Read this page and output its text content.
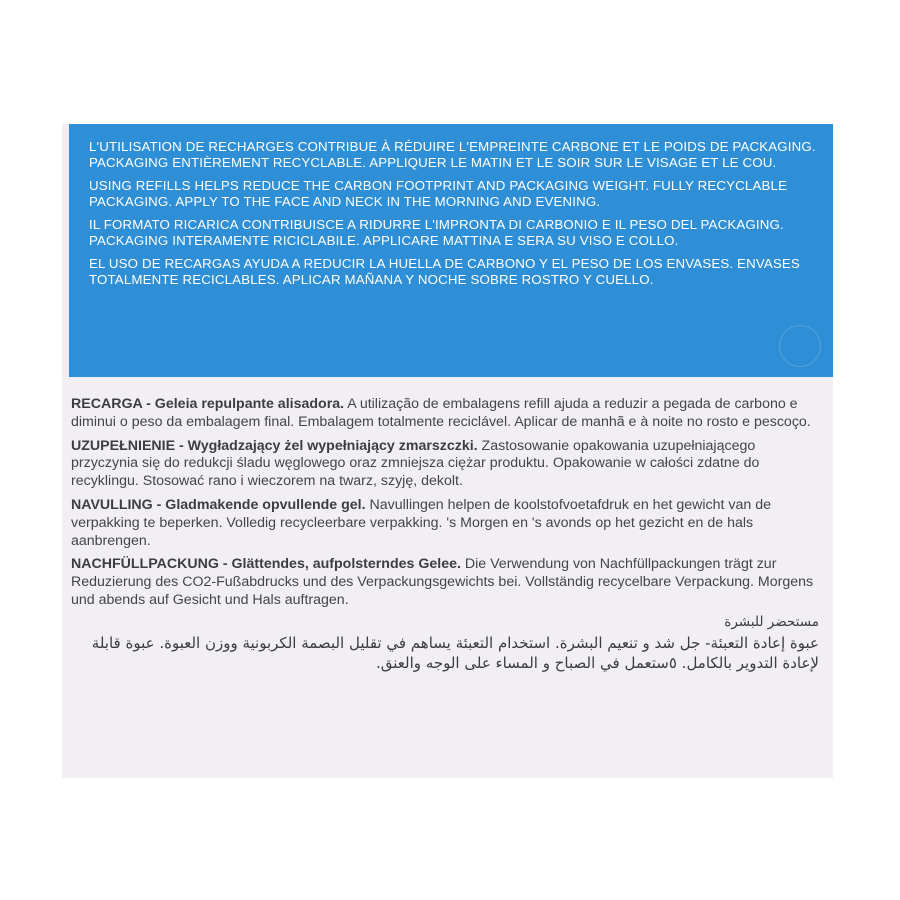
L'UTILISATION DE RECHARGES CONTRIBUE À RÉDUIRE L'EMPREINTE CARBONE ET LE POIDS DE PACKAGING. PACKAGING ENTIÈREMENT RECYCLABLE. APPLIQUER LE MATIN ET LE SOIR SUR LE VISAGE ET LE COU.

USING REFILLS HELPS REDUCE THE CARBON FOOTPRINT AND PACKAGING WEIGHT. FULLY RECYCLABLE PACKAGING. APPLY TO THE FACE AND NECK IN THE MORNING AND EVENING.

IL FORMATO RICARICA CONTRIBUISCE A RIDURRE L'IMPRONTA DI CARBONIO E IL PESO DEL PACKAGING. PACKAGING INTERAMENTE RICICLABILE. APPLICARE MATTINA E SERA SU VISO E COLLO.

EL USO DE RECARGAS AYUDA A REDUCIR LA HUELLA DE CARBONO Y EL PESO DE LOS ENVASES. ENVASES TOTALMENTE RECICLABLES. APLICAR MAÑANA Y NOCHE SOBRE ROSTRO Y CUELLO.

RECARGA - Geleia repulpante alisadora. A utilização de embalagens refill ajuda a reduzir a pegada de carbono e diminui o peso da embalagem final. Embalagem totalmente reciclável. Aplicar de manhã e à noite no rosto e pescoço.

UZUPEŁNIENIE - Wygładzający żel wypełniający zmarszczki. Zastosowanie opakowania uzupełniającego przyczynia się do redukcji śladu węglowego oraz zmniejsza ciężar produktu. Opakowanie w całości zdatne do recyklingu. Stosować rano i wieczorem na twarz, szyję, dekolt.

NAVULLING - Gladmakende opvullende gel. Navullingen helpen de koolstofvoetafdruk en het gewicht van de verpakking te beperken. Volledig recycleerbare verpakking. 's Morgen en 's avonds op het gezicht en de hals aanbrengen.

NACHFÜLLPACKUNG - Glättendes, aufpolsterndes Gelee. Die Verwendung von Nachfüllpackungen trägt zur Reduzierung des CO2-Fußabdrucks und des Verpackungsgewichts bei. Vollständig recycelbare Verpackung. Morgens und abends auf Gesicht und Hals auftragen.

مستحضر للبشرة
عبوة إعادة التعبئة- جل شد و تنعيم البشرة. استخدام التعبئة يساهم في تقليل البصمة الكربونية ووزن العبوة. عبوة قابلة لإعادة التدوير بالكامل. ٥ستعمل في الصباح و المساء على الوجه والعنق.
